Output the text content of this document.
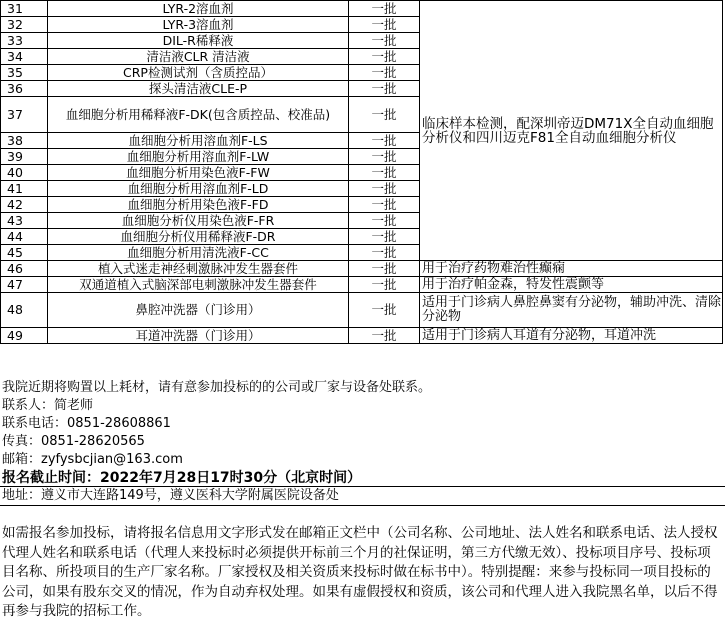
31	LYR-2溶血剂	一批	临床样本检测，配深圳帝迈DM71X全自动血细胞分析仪和四川迈克F81全自动血细胞分析仪
32	LYR-3溶血剂	一批	
33	DIL-R稀释液	一批	
34	清洁液CLR 清洁液	一批	
35	CRP检测试剂（含质控品）	一批	
36	探头清洁液CLE-P	一批	
37	血细胞分析用稀释液F-DK(包含质控品、校准品)	一批	
38	血细胞分析用溶血剂F-LS	一批	
39	血细胞分析用溶血剂F-LW	一批	
40	血细胞分析用染色液F-FW	一批	
41	血细胞分析用溶血剂F-LD	一批	
42	血细胞分析用染色液F-FD	一批	
43	血细胞分析仪用染色液F-FR	一批	
44	血细胞分析仪用稀释液F-DR	一批	
45	血细胞分析用清洗液F-CC	一批	
46	植入式迷走神经刺激脉冲发生器套件	一批	用于治疗药物难治性癫痫
47	双通道植入式脑深部电刺激脉冲发生器套件	一批	用于治疗帕金森，特发性震颤等
48	鼻腔冲洗器（门诊用）	一批	适用于门诊病人鼻腔鼻窦有分泌物，辅助冲洗、清除分泌物
49	耳道冲洗器（门诊用）	一批	适用于门诊病人耳道有分泌物，耳道冲洗
我院近期将购置以上耗材，请有意参加投标的的公司或厂家与设备处联系。
联系人：简老师
联系电话：0851-28608861
传真：0851-28620565
邮箱：zyfysbcjian@163.com
报名截止时间：2022年7月28日17时30分（北京时间）
地址：遵义市大连路149号，遵义医科大学附属医院设备处
如需报名参加投标，请将报名信息用文字形式发在邮箱正文栏中（公司名称、公司地址、法人姓名和联系电话、法人授权代理人姓名和联系电话（代理人来投标时必须提供开标前三个月的社保证明，第三方代缴无效）、投标项目序号、投标项目名称、所投项目的生产厂家名称。厂家授权及相关资质来投标时做在标书中）。特别提醒：来参与投标同一项目投标的公司，如果有股东交叉的情况，作为自动弃权处理。如果有虚假授权和资质，该公司和代理人进入我院黑名单，以后不得再参与我院的招标工作。
